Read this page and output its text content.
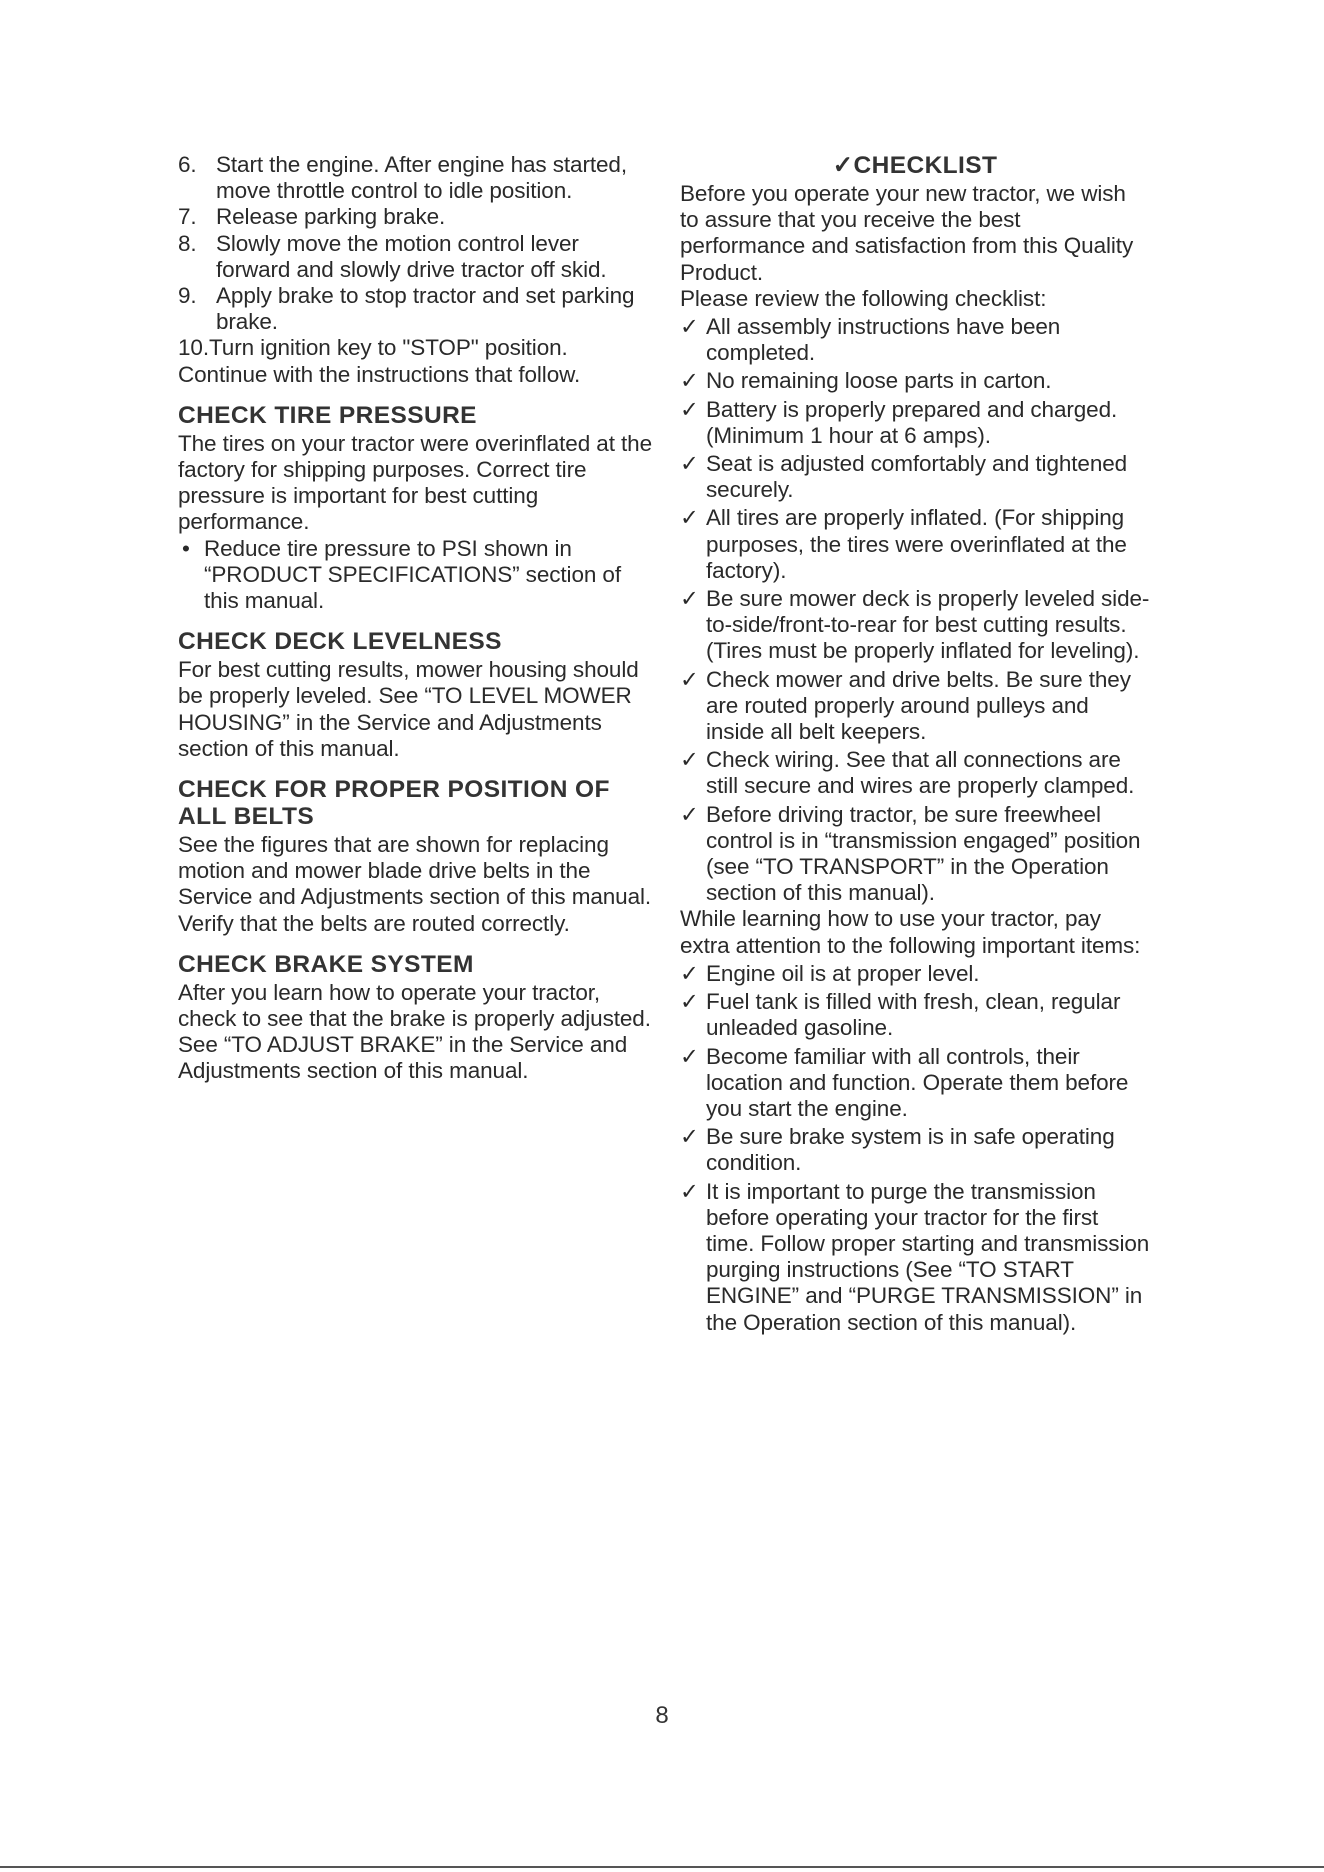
6. Start the engine. After engine has started, move throttle control to idle position.
7. Release parking brake.
8. Slowly move the motion control lever forward and slowly drive tractor off skid.
9. Apply brake to stop tractor and set parking brake.
10.Turn ignition key to "STOP" position.

Continue with the instructions that follow.

CHECK TIRE PRESSURE

The tires on your tractor were overinflated at the factory for shipping purposes. Correct tire pressure is important for best cutting performance.

• Reduce tire pressure to PSI shown in “PRODUCT SPECIFICATIONS” section of this manual.
CHECK DECK LEVELNESS

For best cutting results, mower housing should be properly leveled. See “TO LEVEL MOWER HOUSING” in the Service and Adjustments section of this manual.

CHECK FOR PROPER POSITION OF ALL BELTS

See the figures that are shown for replacing motion and mower blade drive belts in the Service and Adjustments section of this manual. Verify that the belts are routed correctly.

CHECK BRAKE SYSTEM

After you learn how to operate your tractor, check to see that the brake is properly adjusted. See “TO ADJUST BRAKE” in the Service and Adjustments section of this manual.

✓CHECKLIST

Before you operate your new tractor, we wish to assure that you receive the best performance and satisfaction from this Quality Product.

Please review the following checklist:

✓ All assembly instructions have been completed.
✓ No remaining loose parts in carton.
✓ Battery is properly prepared and charged. (Minimum 1 hour at 6 amps).
✓ Seat is adjusted comfortably and tightened securely.
✓ All tires are properly inflated. (For shipping purposes, the tires were overinflated at the factory).
✓ Be sure mower deck is properly leveled side-to-side/front-to-rear for best cutting results. (Tires must be properly inflated for leveling).
✓ Check mower and drive belts. Be sure they are routed properly around pulleys and inside all belt keepers.
✓ Check wiring. See that all connections are still secure and wires are properly clamped.
✓ Before driving tractor, be sure freewheel control is in “transmission engaged” position (see “TO TRANSPORT” in the Operation section of this manual).

While learning how to use your tractor, pay extra attention to the following important items:

✓ Engine oil is at proper level.
✓ Fuel tank is filled with fresh, clean, regular unleaded gasoline.
✓ Become familiar with all controls, their location and function. Operate them before you start the engine.
✓ Be sure brake system is in safe operating condition.
✓ It is important to purge the transmission before operating your tractor for the first time. Follow proper starting and transmission purging instructions (See “TO START ENGINE” and “PURGE TRANSMISSION” in the Operation section of this manual).
8
